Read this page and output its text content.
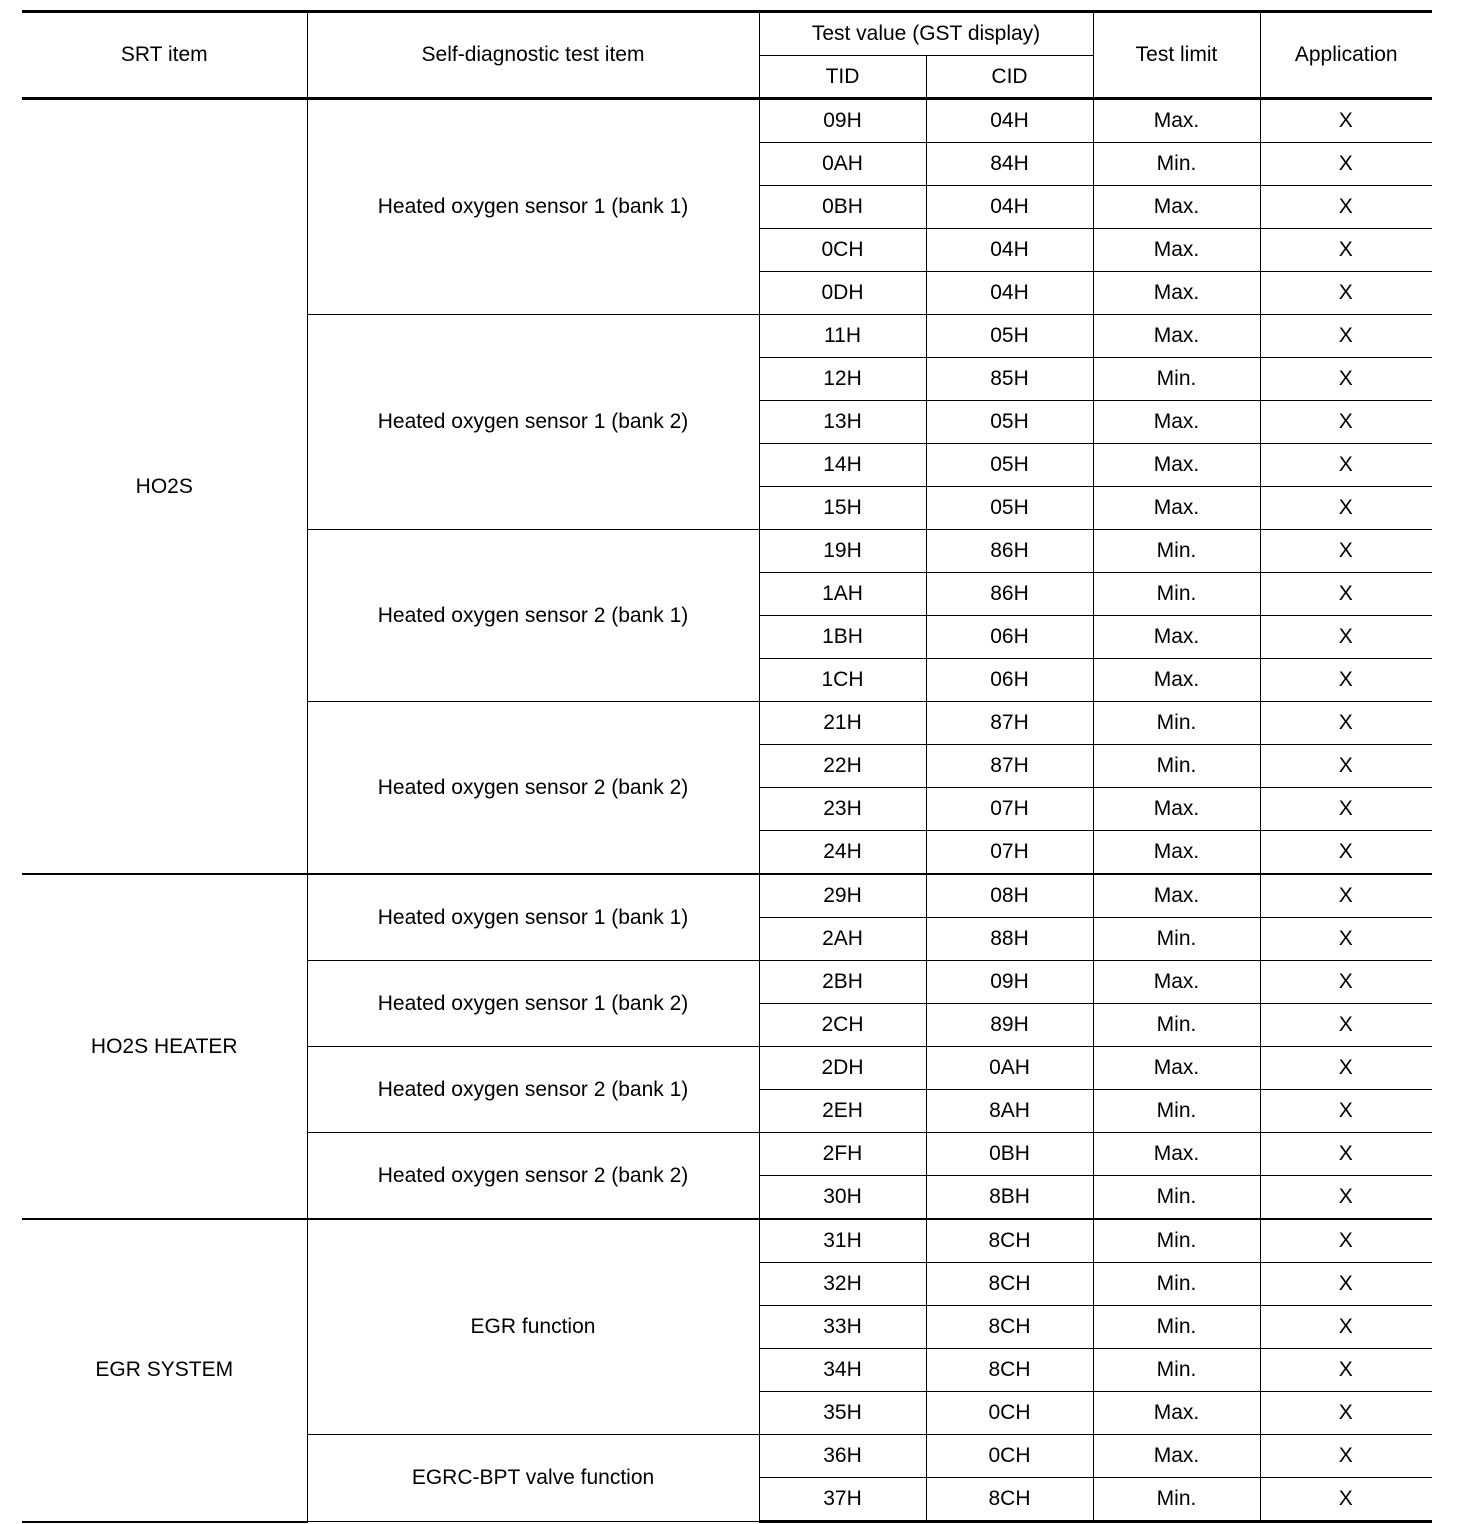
SRT item	Self-diagnostic test item	Test value (GST display)		Test limit	Application
		TID	CID		
HO2S	Heated oxygen sensor 1 (bank 1)	09H	04H	Max.	X
		0AH	84H	Min.	X
		0BH	04H	Max.	X
		0CH	04H	Max.	X
		0DH	04H	Max.	X
	Heated oxygen sensor 1 (bank 2)	11H	05H	Max.	X
		12H	85H	Min.	X
		13H	05H	Max.	X
		14H	05H	Max.	X
		15H	05H	Max.	X
	Heated oxygen sensor 2 (bank 1)	19H	86H	Min.	X
		1AH	86H	Min.	X
		1BH	06H	Max.	X
		1CH	06H	Max.	X
	Heated oxygen sensor 2 (bank 2)	21H	87H	Min.	X
		22H	87H	Min.	X
		23H	07H	Max.	X
		24H	07H	Max.	X
HO2S HEATER	Heated oxygen sensor 1 (bank 1)	29H	08H	Max.	X
		2AH	88H	Min.	X
	Heated oxygen sensor 1 (bank 2)	2BH	09H	Max.	X
		2CH	89H	Min.	X
	Heated oxygen sensor 2 (bank 1)	2DH	0AH	Max.	X
		2EH	8AH	Min.	X
	Heated oxygen sensor 2 (bank 2)	2FH	0BH	Max.	X
		30H	8BH	Min.	X
EGR SYSTEM	EGR function	31H	8CH	Min.	X
		32H	8CH	Min.	X
		33H	8CH	Min.	X
		34H	8CH	Min.	X
		35H	0CH	Max.	X
	EGRC-BPT valve function	36H	0CH	Max.	X
		37H	8CH	Min.	X
